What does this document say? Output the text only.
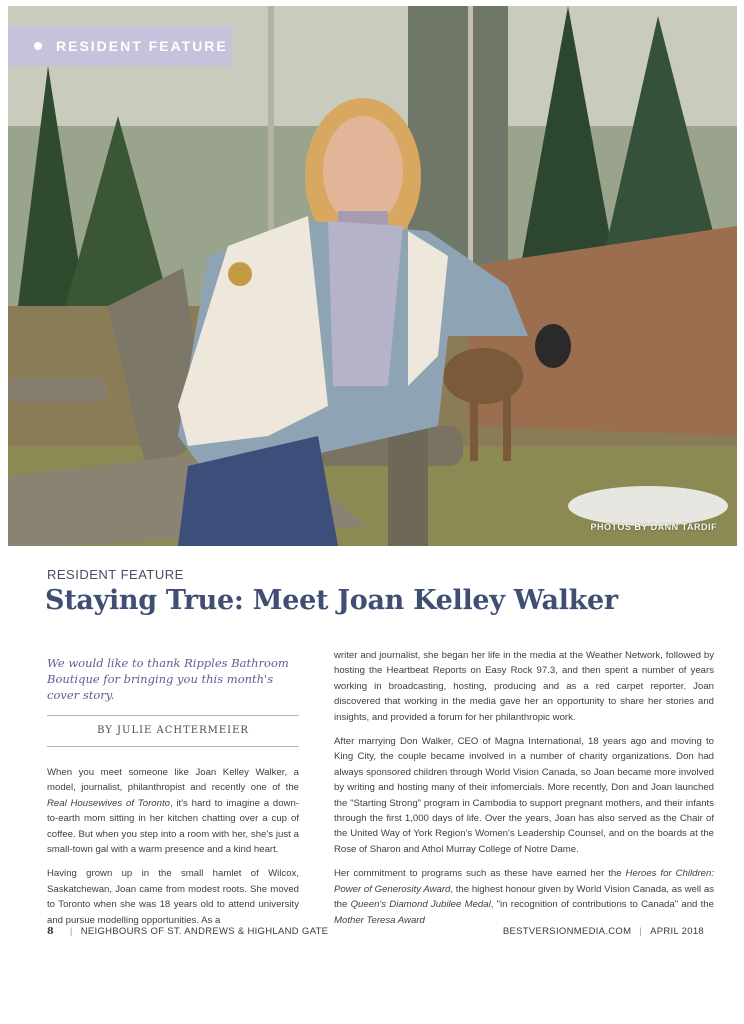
RESIDENT FEATURE
PHOTOS BY DANN TARDIF
RESIDENT FEATURE
Staying True: Meet Joan Kelley Walker
We would like to thank Ripples Bathroom Boutique for bringing you this month's cover story.
BY JULIE ACHTERMEIER

When you meet someone like Joan Kelley Walker, a model, journalist, philanthropist and recently one of the Real Housewives of Toronto, it's hard to imagine a down-to-earth mom sitting in her kitchen chatting over a cup of coffee. But when you step into a room with her, she's just a small-town gal with a warm presence and a kind heart.

Having grown up in the small hamlet of Wilcox, Saskatchewan, Joan came from modest roots. She moved to Toronto when she was 18 years old to attend university and pursue modelling opportunities. As a

writer and journalist, she began her life in the media at the Weather Network, followed by hosting the Heartbeat Reports on Easy Rock 97.3, and then spent a number of years working in broadcasting, hosting, producing and as a red carpet reporter. Joan discovered that working in the media gave her an opportunity to share her stories and insights, and provided a forum for her philanthropic work.

After marrying Don Walker, CEO of Magna International, 18 years ago and moving to King City, the couple became involved in a number of charity organizations. Don had always sponsored children through World Vision Canada, so Joan became more involved by writing and hosting many of their infomercials. More recently, Don and Joan launched the "Starting Strong" program in Cambodia to support pregnant mothers, and their infants through the first 1,000 days of life. Over the years, Joan has also served as the Chair of the United Way of York Region's Women's Leadership Counsel, and on the boards at the Rose of Sharon and Athol Murray College of Notre Dame.

Her commitment to programs such as these have earned her the Heroes for Children: Power of Generosity Award, the highest honour given by World Vision Canada, as well as the Queen's Diamond Jubilee Medal, "in recognition of contributions to Canada" and the Mother Teresa Award

8 | NEIGHBOURS OF ST. ANDREWS & HIGHLAND GATE	BESTVERSIONMEDIA.COM | APRIL 2018
